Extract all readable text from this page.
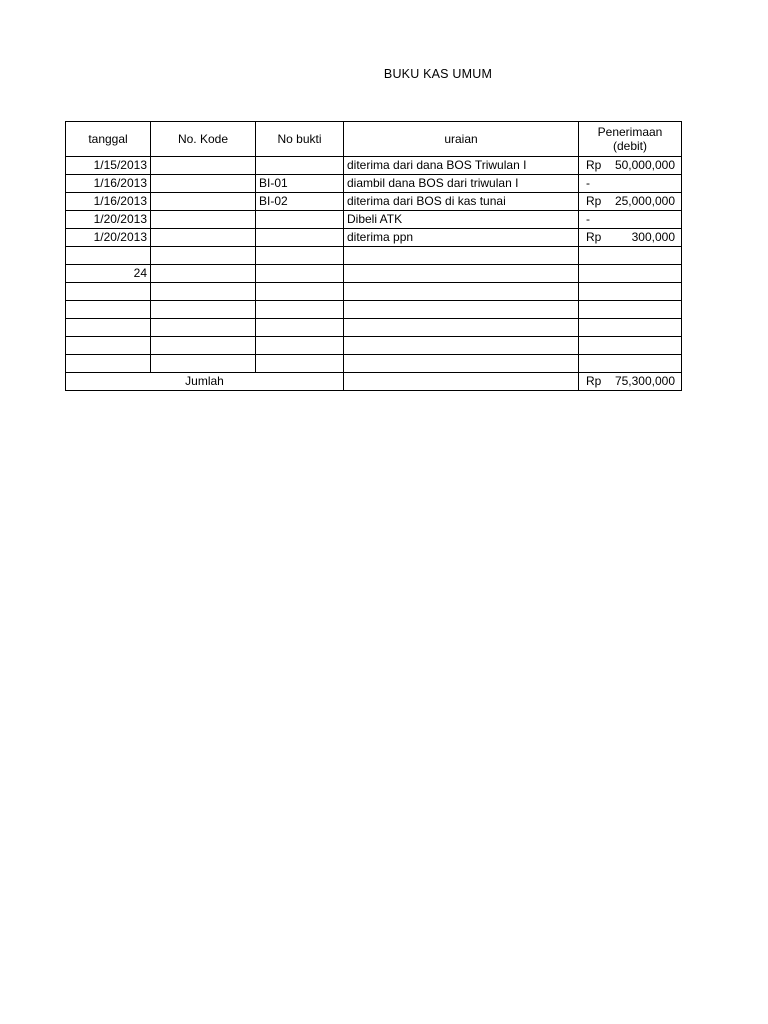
BUKU KAS UMUM
tanggal	No. Kode	No bukti	uraian	Penerimaan
(debit)
1/15/2013			diterima dari dana BOS Triwulan I	Rp 50,000,000

1/16/2013		BI-01	diambil dana BOS dari triwulan I	-

1/16/2013		BI-02	diterima dari BOS di kas tunai	Rp 25,000,000

1/20/2013			Dibeli ATK	-

1/20/2013			diterima ppn	Rp 300,000

24				

Jumlah				Rp 75,300,000
